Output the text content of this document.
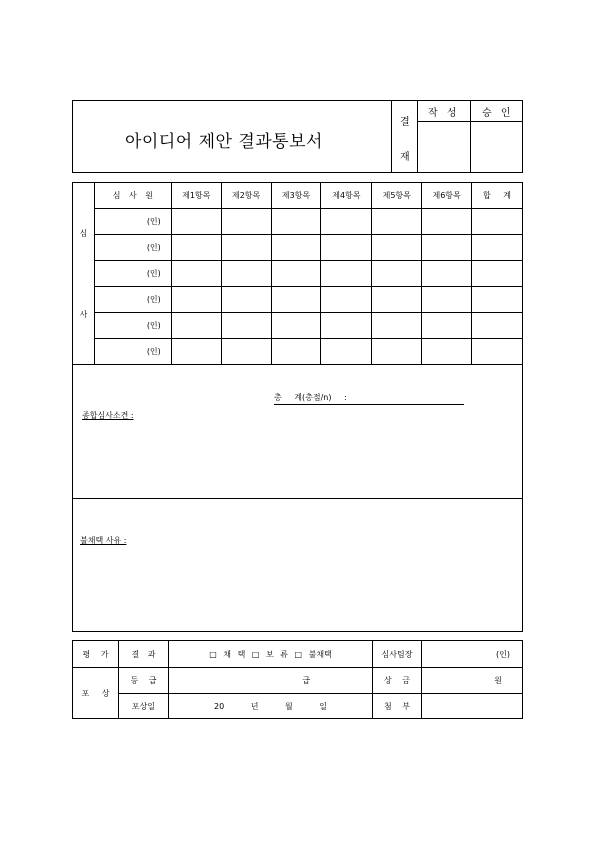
아이디어 제안 결과통보서
결
재
작 성	승 인
심
사	심 사 원	제1항목	제2항목	제3항목	제4항목	제5항목	제6항목	합 계
	(인)							
	(인)							
	(인)							
	(인)							
	(인)							
	(인)							
총 계(총점/n) :
종합심사소견 :
불채택 사유 :
평 가	결 과	□ 채 택 □ 보 류 □ 불채택	심사팀장	(인)
포 상	등 급	급	상 금	원
	포상일	20 년 월 일	첨 부	
